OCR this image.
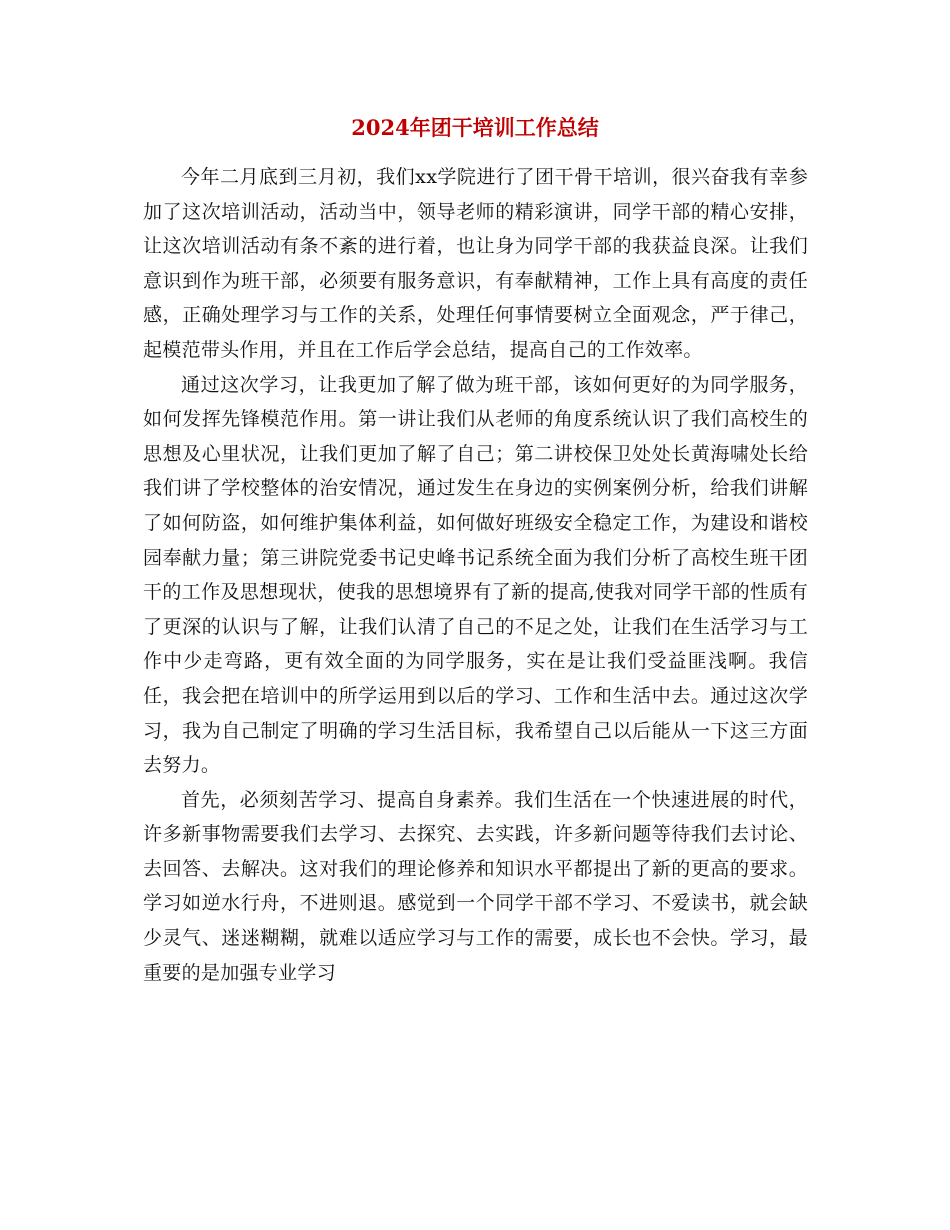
2024年团干培训工作总结

今年二月底到三月初，我们xx学院进行了团干骨干培训，很兴奋我有幸参加了这次培训活动，活动当中，领导老师的精彩演讲，同学干部的精心安排，让这次培训活动有条不紊的进行着，也让身为同学干部的我获益良深。让我们意识到作为班干部，必须要有服务意识，有奉献精神，工作上具有高度的责任感，正确处理学习与工作的关系，处理任何事情要树立全面观念，严于律己，起模范带头作用，并且在工作后学会总结，提高自己的工作效率。

通过这次学习，让我更加了解了做为班干部，该如何更好的为同学服务，如何发挥先锋模范作用。第一讲让我们从老师的角度系统认识了我们高校生的思想及心里状况，让我们更加了解了自己；第二讲校保卫处处长黄海啸处长给我们讲了学校整体的治安情况，通过发生在身边的实例案例分析，给我们讲解了如何防盗，如何维护集体利益，如何做好班级安全稳定工作，为建设和谐校园奉献力量；第三讲院党委书记史峰书记系统全面为我们分析了高校生班干团干的工作及思想现状，使我的思想境界有了新的提高,使我对同学干部的性质有了更深的认识与了解，让我们认清了自己的不足之处，让我们在生活学习与工作中少走弯路，更有效全面的为同学服务，实在是让我们受益匪浅啊。我信任，我会把在培训中的所学运用到以后的学习、工作和生活中去。通过这次学习，我为自己制定了明确的学习生活目标，我希望自己以后能从一下这三方面去努力。

首先，必须刻苦学习、提高自身素养。我们生活在一个快速进展的时代，许多新事物需要我们去学习、去探究、去实践，许多新问题等待我们去讨论、去回答、去解决。这对我们的理论修养和知识水平都提出了新的更高的要求。学习如逆水行舟，不进则退。感觉到一个同学干部不学习、不爱读书，就会缺少灵气、迷迷糊糊，就难以适应学习与工作的需要，成长也不会快。学习，最重要的是加强专业学习
